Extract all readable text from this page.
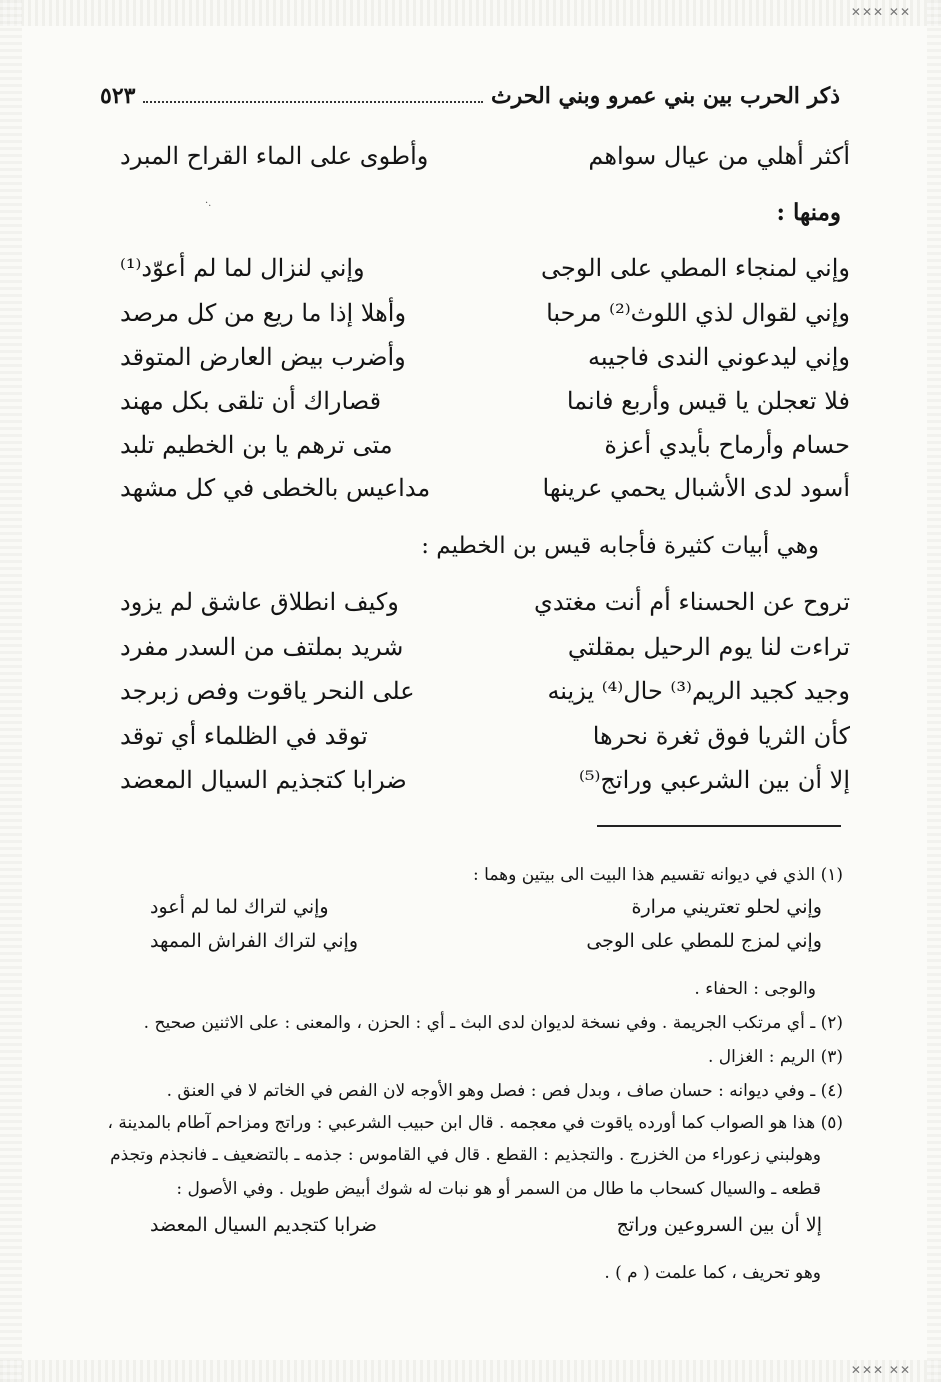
✕✕✕ ✕✕
✕✕✕ ✕✕
ذكر الحرب بين بني عمرو وبني الحرث
٥٢٣
أكثر أهلي من عيال سواهم
وأطوى على الماء القراح المبرد
ومنها :
·.
وإني لمنجاء المطي على الوجى
وإني لنزال لما لم أعوّد⁽¹⁾
وإني لقوال لذي اللوث⁽²⁾ مرحبا
وأهلا إذا ما ريع من كل مرصد
وإني ليدعوني الندى فاجيبه
وأضرب بيض العارض المتوقد
فلا تعجلن يا قيس وأربع فانما
قصاراك أن تلقى بكل مهند
حسام وأرماح بأيدي أعزة
متى ترهم يا بن الخطيم تلبد
أسود لدى الأشبال يحمي عرينها
مداعيس بالخطى في كل مشهد
وهي أبيات كثيرة فأجابه قيس بن الخطيم :
تروح عن الحسناء أم أنت مغتدي
وكيف انطلاق عاشق لم يزود
تراءت لنا يوم الرحيل بمقلتي
شريد بملتف من السدر مفرد
وجيد كجيد الريم⁽³⁾ حال⁽⁴⁾ يزينه
على النحر ياقوت وفص زبرجد
كأن الثريا فوق ثغرة نحرها
توقد في الظلماء أي توقد
إلا أن بين الشرعبي وراتج⁽⁵⁾
ضرابا كتجذيم السيال المعضد
(١) الذي في ديوانه تقسيم هذا البيت الى بيتين وهما :
وإني لحلو تعتريني مرارة
وإني لتراك لما لم أعود
وإني لمزج للمطي على الوجى
وإني لتراك الفراش الممهد
والوجى : الحفاء .
(٢) ـ أي مرتكب الجريمة . وفي نسخة لديوان لدى البث ـ أي : الحزن ، والمعنى : على الاثنين صحيح .
(٣) الريم : الغزال .
(٤) ـ وفي ديوانه : حسان صاف ، وبدل فص : فصل وهو الأوجه لان الفص في الخاتم لا في العنق .
(٥) هذا هو الصواب كما أورده ياقوت في معجمه . قال ابن حبيب الشرعبي : وراتج ومزاحم آطام بالمدينة ،
وهولبني زعوراء من الخزرج . والتجذيم : القطع . قال في القاموس : جذمه ـ بالتضعيف ـ فانجذم وتجذم
قطعه ـ والسيال كسحاب ما طال من السمر أو هو نبات له شوك أبيض طويل . وفي الأصول :
إلا أن بين السروعين وراتج
ضرابا كتجديم السيال المعضد
وهو تحريف ، كما علمت ( م ) .
